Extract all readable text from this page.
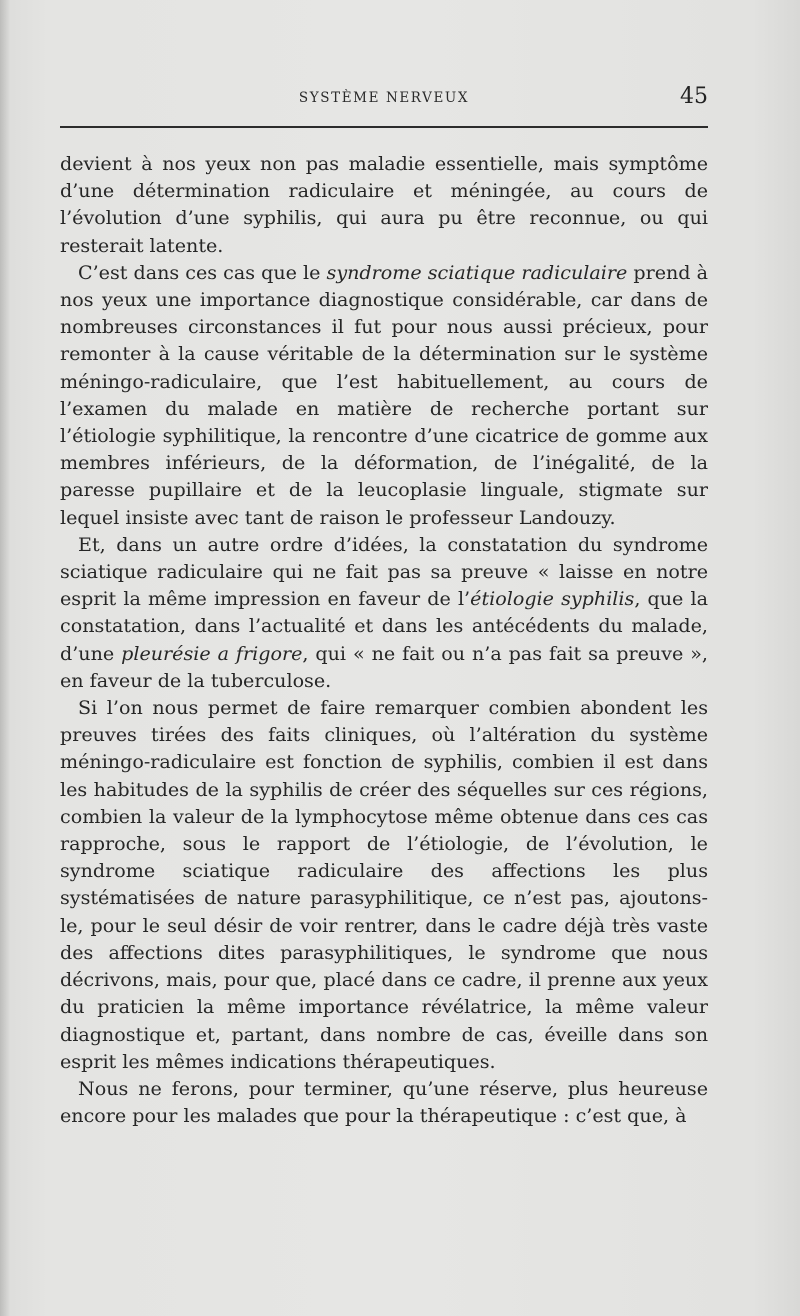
SYSTÈME NERVEUX	45

devient à nos yeux non pas maladie essentielle, mais symptôme d’une détermination radiculaire et méningée, au cours de l’évolution d’une syphilis, qui aura pu être reconnue, ou qui resterait latente.

C’est dans ces cas que le syndrome sciatique radiculaire prend à nos yeux une importance diagnostique considérable, car dans de nombreuses circonstances il fut pour nous aussi précieux, pour remonter à la cause véritable de la détermination sur le système méningo-radiculaire, que l’est habituellement, au cours de l’examen du malade en matière de recherche portant sur l’étiologie syphilitique, la rencontre d’une cicatrice de gomme aux membres inférieurs, de la déformation, de l’inégalité, de la paresse pupillaire et de la leucoplasie linguale, stigmate sur lequel insiste avec tant de raison le professeur Landouzy.

Et, dans un autre ordre d’idées, la constatation du syndrome sciatique radiculaire qui ne fait pas sa preuve « laisse en notre esprit la même impression en faveur de l’étiologie syphilis, que la constatation, dans l’actualité et dans les antécédents du malade, d’une pleurésie a frigore, qui « ne fait ou n’a pas fait sa preuve », en faveur de la tuberculose.

Si l’on nous permet de faire remarquer combien abondent les preuves tirées des faits cliniques, où l’altération du système méningo-radiculaire est fonction de syphilis, combien il est dans les habitudes de la syphilis de créer des séquelles sur ces régions, combien la valeur de la lymphocytose même obtenue dans ces cas rapproche, sous le rapport de l’étiologie, de l’évolution, le syndrome sciatique radiculaire des affections les plus systématisées de nature parasyphilitique, ce n’est pas, ajoutons-le, pour le seul désir de voir rentrer, dans le cadre déjà très vaste des affections dites parasyphilitiques, le syndrome que nous décrivons, mais, pour que, placé dans ce cadre, il prenne aux yeux du praticien la même importance révélatrice, la même valeur diagnostique et, partant, dans nombre de cas, éveille dans son esprit les mêmes indications thérapeutiques.

Nous ne ferons, pour terminer, qu’une réserve, plus heureuse encore pour les malades que pour la thérapeutique : c’est que, à
